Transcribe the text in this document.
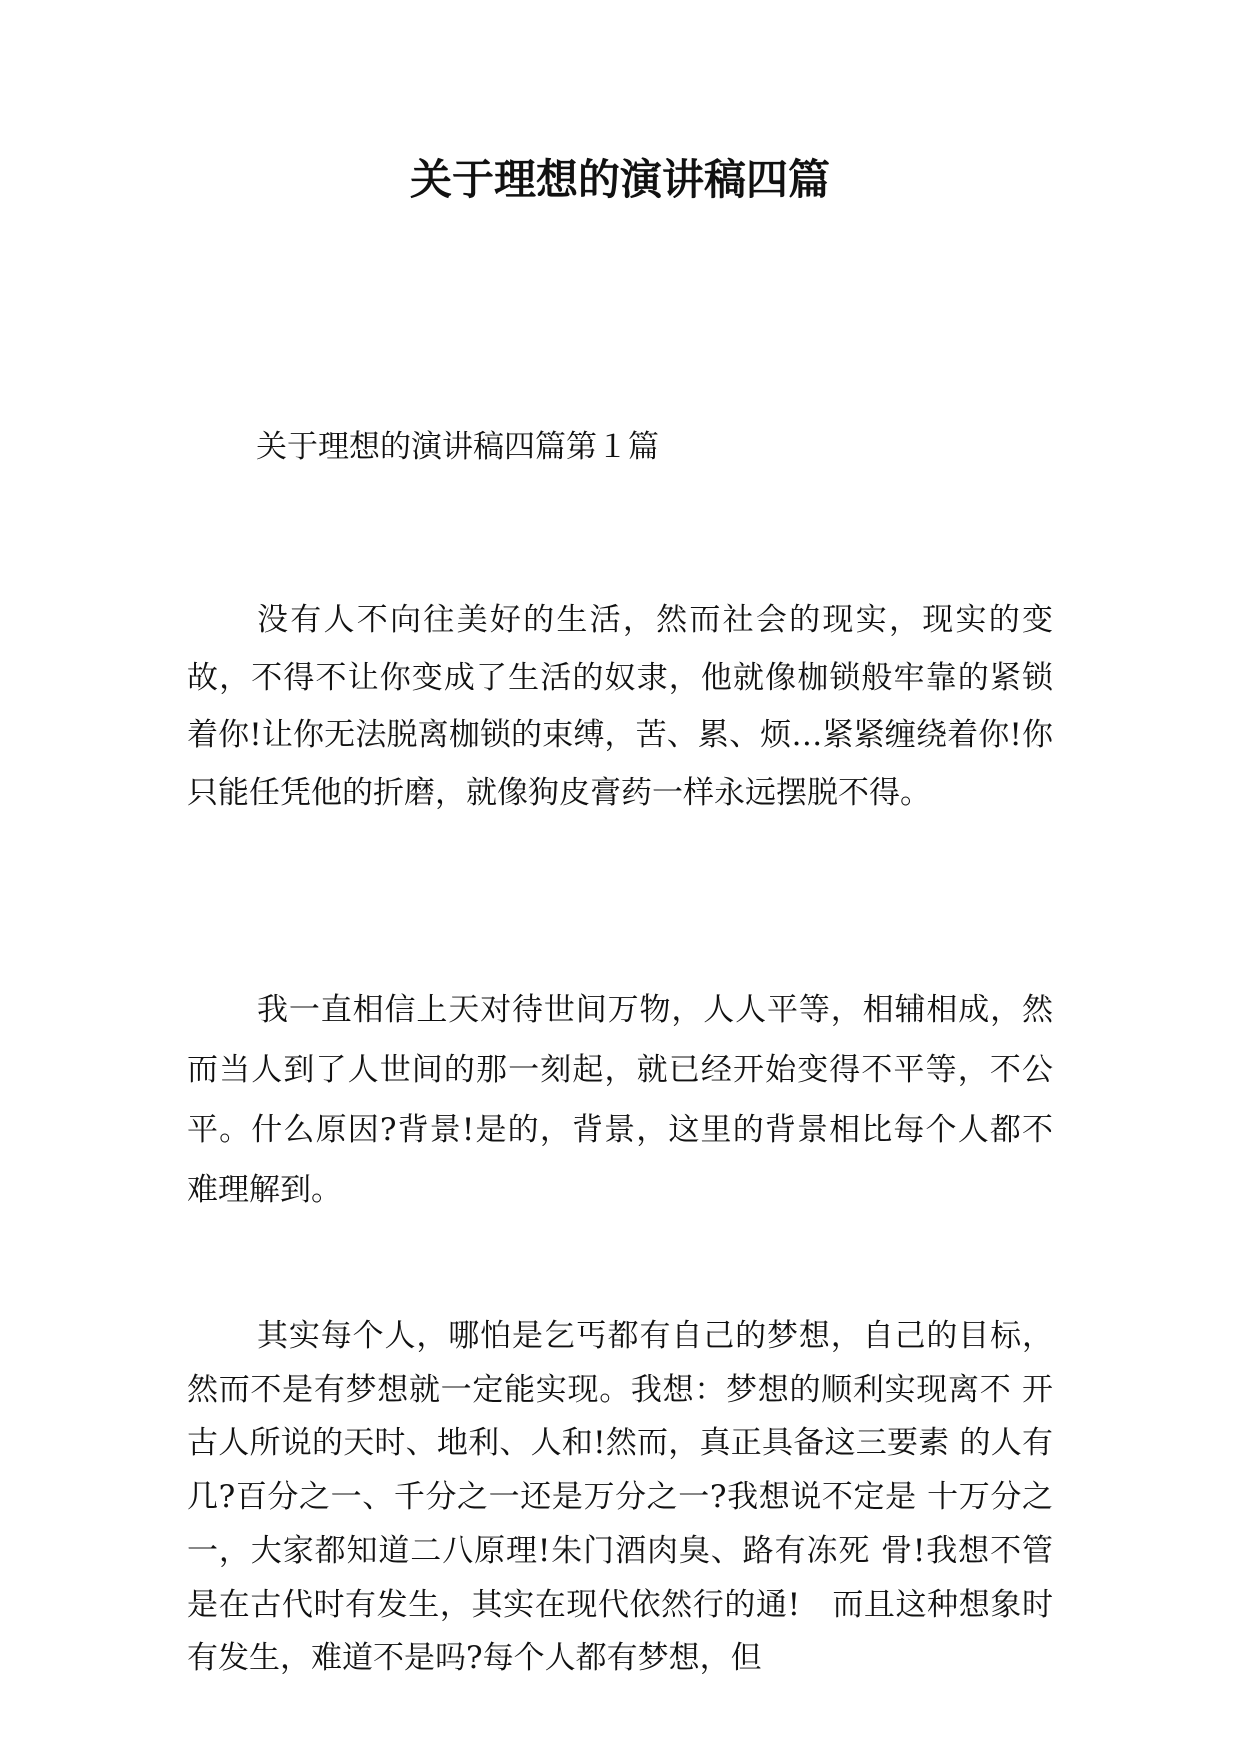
关于理想的演讲稿四篇

关于理想的演讲稿四篇第１篇

没有人不向往美好的生活，然而社会的现实，现实的变故，不得不让你变成了生活的奴隶，他就像枷锁般牢靠的紧锁着你!让你无法脱离枷锁的束缚，苦、累、烦…紧紧缠绕着你!你只能任凭他的折磨，就像狗皮膏药一样永远摆脱不得。

我一直相信上天对待世间万物，人人平等，相辅相成，然而当人到了人世间的那一刻起，就已经开始变得不平等，不公平。什么原因?背景!是的，背景，这里的背景相比每个人都不难理解到。

其实每个人，哪怕是乞丐都有自己的梦想，自己的目标， 然而不是有梦想就一定能实现。我想：梦想的顺利实现离不 开古人所说的天时、地利、人和!然而，真正具备这三要素 的人有几?百分之一、千分之一还是万分之一?我想说不定是 十万分之一，大家都知道二八原理!朱门酒肉臭、路有冻死 骨!我想不管是在古代时有发生，其实在现代依然行的通!　而且这种想象时有发生，难道不是吗?每个人都有梦想，但
